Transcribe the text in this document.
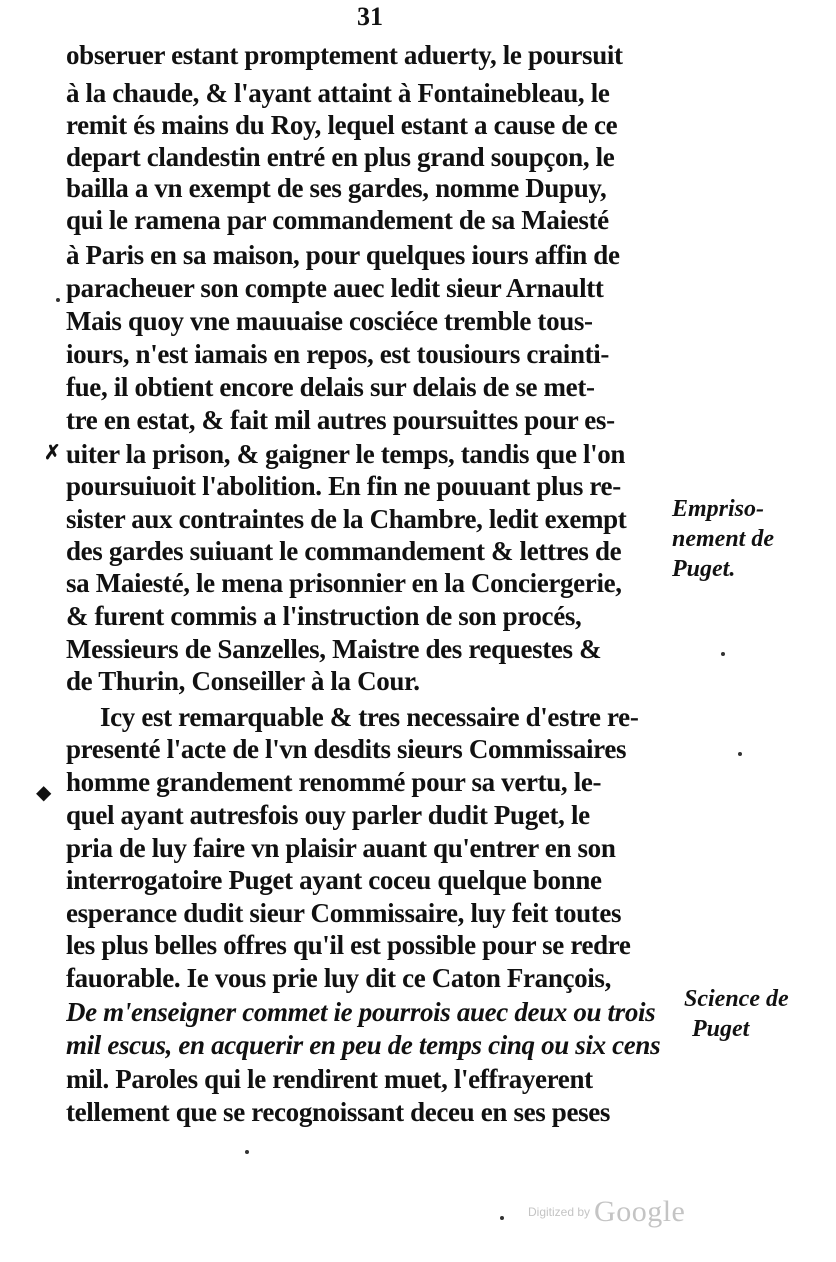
31
obseruer estant promptement aduerty, le poursuit
à la chaude, & l'ayant attaint à Fontainebleau, le
remit és mains du Roy, lequel estant a cause de ce
depart clandestin entré en plus grand soupçon, le
bailla a vn exempt de ses gardes, nomme Dupuy,
qui le ramena par commandement de sa Maiesté
à Paris en sa maison, pour quelques iours affin de
paracheuer son compte auec ledit sieur Arnaultt
Mais quoy vne mauuaise cosciéce tremble tous-
iours, n'est iamais en repos, est tousiours crainti-
fue, il obtient encore delais sur delais de se met-
tre en estat, & fait mil autres poursuittes pour es-
uiter la prison, & gaigner le temps, tandis que l'on
poursuiuoit l'abolition. En fin ne pouuant plus re-
sister aux contraintes de la Chambre, ledit exempt
des gardes suiuant le commandement & lettres de
sa Maiesté, le mena prisonnier en la Conciergerie,
& furent commis a l'instruction de son procés,
Messieurs de Sanzelles, Maistre des requestes &
de Thurin, Conseiller à la Cour.
Icy est remarquable & tres necessaire d'estre re-
presenté l'acte de l'vn desdits sieurs Commissaires
homme grandement renommé pour sa vertu, le-
quel ayant autresfois ouy parler dudit Puget, le
pria de luy faire vn plaisir auant qu'entrer en son
interrogatoire Puget ayant coceu quelque bonne
esperance dudit sieur Commissaire, luy feit toutes
les plus belles offres qu'il est possible pour se redre
fauorable. Ie vous prie luy dit ce Caton François,
De m'enseigner commet ie pourrois auec deux ou trois
mil escus, en acquerir en peu de temps cinq ou six cens
mil. Paroles qui le rendirent muet, l'effrayerent
tellement que se recognoissant deceu en ses peses
Empriso-
nement de
Puget.
Science de
Puget
✗
◆
Digitized by Google
